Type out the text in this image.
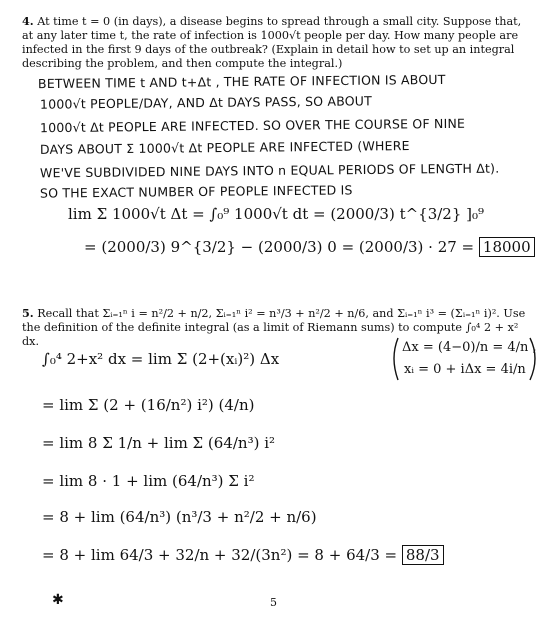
4. At time t = 0 (in days), a disease begins to spread through a small city. Suppose that, at any later time t, the rate of infection is 1000√t people per day. How many people are infected in the first 9 days of the outbreak? (Explain in detail how to set up an integral describing the problem, and then compute the integral.)
BETWEEN TIME t AND t+Δt , THE RATE OF INFECTION IS ABOUT
1000√t PEOPLE/DAY, AND Δt DAYS PASS, SO ABOUT
1000√t Δt PEOPLE ARE INFECTED. SO OVER THE COURSE OF NINE
DAYS ABOUT Σ 1000√t Δt PEOPLE ARE INFECTED (WHERE
WE'VE SUBDIVIDED NINE DAYS INTO n EQUAL PERIODS OF LENGTH Δt).
SO THE EXACT NUMBER OF PEOPLE INFECTED IS
lim Σ 1000√t Δt = ∫₀⁹ 1000√t dt = (2000/3) t^{3/2} ]₀⁹
= (2000/3) 9^{3/2} − (2000/3) 0 = (2000/3) · 27 = 18000
5. Recall that Σᵢ₌₁ⁿ i = n²/2 + n/2, Σᵢ₌₁ⁿ i² = n³/3 + n²/2 + n/6, and Σᵢ₌₁ⁿ i³ = (Σᵢ₌₁ⁿ i)². Use the definition of the definite integral (as a limit of Riemann sums) to compute ∫₀⁴ 2 + x² dx.
∫₀⁴ 2+x² dx = lim Σ (2+(xᵢ)²) Δx
Δx = (4−0)/n = 4/n ,
xᵢ = 0 + iΔx = 4i/n
= lim Σ (2 + (16/n²) i²) (4/n)
= lim 8 Σ 1/n + lim Σ (64/n³) i²
= lim 8 · 1 + lim (64/n³) Σ i²
= 8 + lim (64/n³) (n³/3 + n²/2 + n/6)
= 8 + lim 64/3 + 32/n + 32/(3n²) = 8 + 64/3 = 88/3
✱	5
